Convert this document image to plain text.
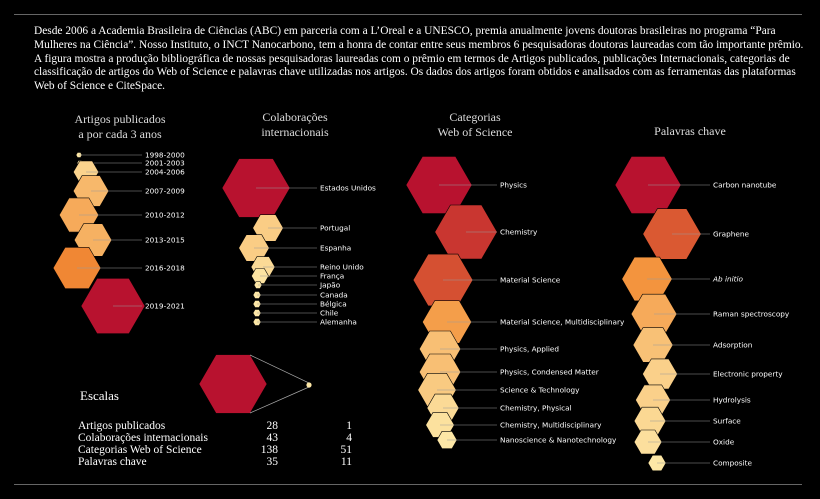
Desde 2006 a Academia Brasileira de Ciências (ABC) em parceria com a L’Oreal e a UNESCO, premia anualmente jovens doutoras brasileiras no programa “Para Mulheres na Ciência”. Nosso Instituto, o INCT Nanocarbono, tem a honra de contar entre seus membros 6 pesquisadoras doutoras laureadas com tão importante prêmio. A figura mostra a produção bibliográfica de nossas pesquisadoras laureadas com o prêmio em termos de Artigos publicados, publicações Internacionais, categorias de classificação de artigos do Web of Science e palavras chave utilizadas nos artigos. Os dados dos artigos foram obtidos e analisados com as ferramentas das plataformas Web of Science e CiteSpace.

Artigos publicados
a por cada 3 anos
Colaborações
internacionais
Categorias
Web of Science	Palavras chave
1998-2000
2001-2003
2004-2006
2007-2009
2010-2012
2013-2015
2016-2018
2019-2021
Estados Unidos
Portugal
Espanha
Reino Unido
França
Japão
Canada
Bélgica
Chile
Alemanha
Physics
Chemistry
Material Science
Material Science, Multidisciplinary
Physics, Applied
Physics, Condensed Matter
Science & Technology
Chemistry, Physical
Chemistry, Multidisciplinary
Nanoscience & Nanotechnology
Carbon nanotube
Graphene
Ab initio
Raman spectroscopy
Adsorption
Electronic property
Hydrolysis
Surface
Oxide
Composite
Escalas
Artigos publicados	28	1
Colaborações internacionais	43	4
Categorias Web of Science	138	51
Palavras chave	35	11
